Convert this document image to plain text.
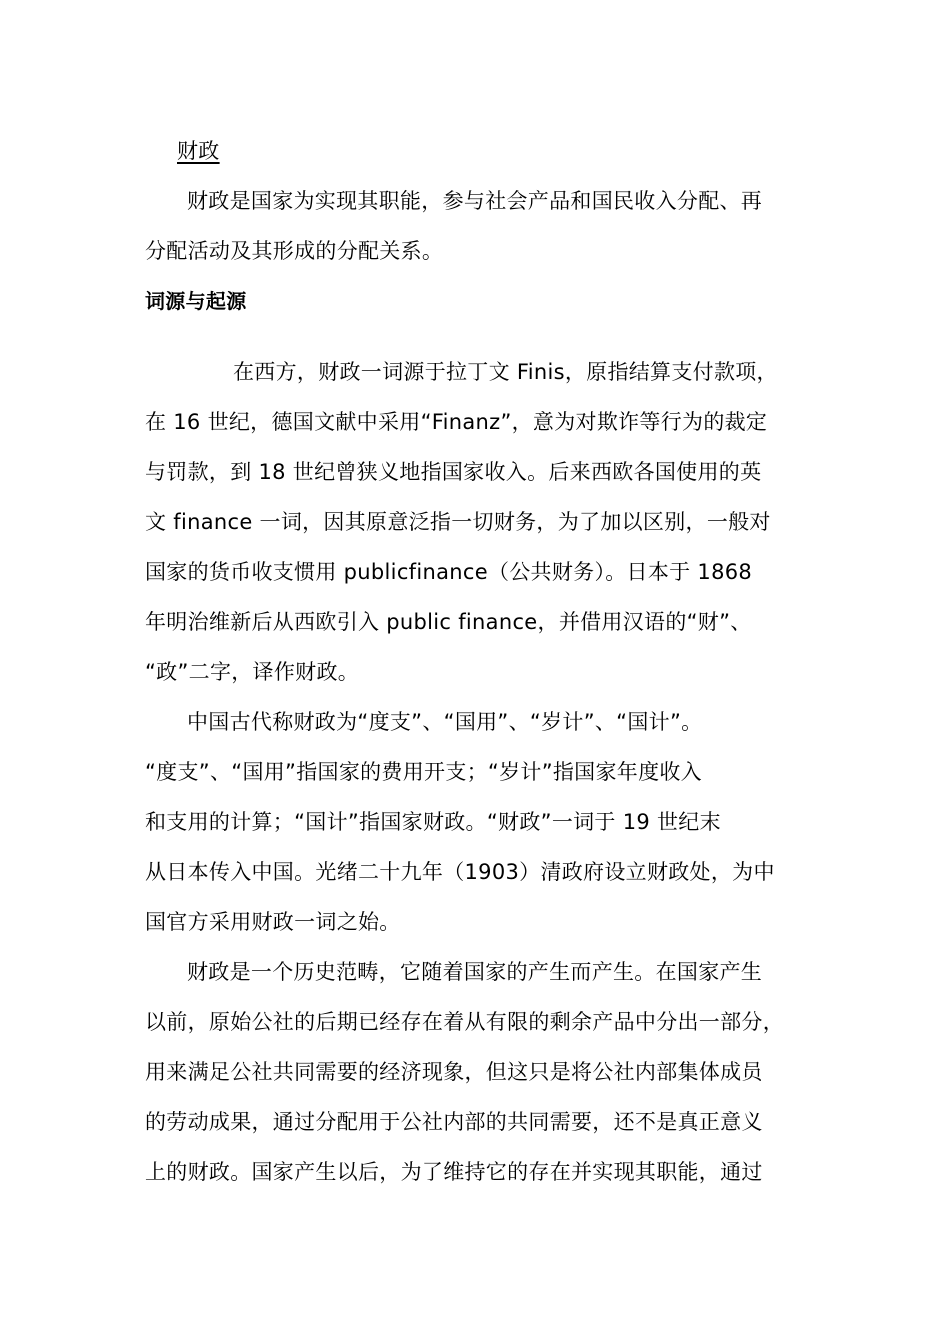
财政
财政是国家为实现其职能，参与社会产品和国民收入分配、再
分配活动及其形成的分配关系。
词源与起源
在西方，财政一词源于拉丁文 Finis，原指结算支付款项，
在 16 世纪，德国文献中采用“Finanz”，意为对欺诈等行为的裁定
与罚款，到 18 世纪曾狭义地指国家收入。后来西欧各国使用的英
文 finance 一词，因其原意泛指一切财务，为了加以区别，一般对
国家的货币收支惯用 publicfinance（公共财务）。日本于 1868
年明治维新后从西欧引入 public finance，并借用汉语的“财”、
“政”二字，译作财政。
中国古代称财政为“度支”、“国用”、“岁计”、“国计”。
“度支”、“国用”指国家的费用开支；“岁计”指国家年度收入
和支用的计算；“国计”指国家财政。“财政”一词于 19 世纪末
从日本传入中国。光绪二十九年（1903）清政府设立财政处，为中
国官方采用财政一词之始。
财政是一个历史范畴，它随着国家的产生而产生。在国家产生
以前，原始公社的后期已经存在着从有限的剩余产品中分出一部分，
用来满足公社共同需要的经济现象，但这只是将公社内部集体成员
的劳动成果，通过分配用于公社内部的共同需要，还不是真正意义
上的财政。国家产生以后，为了维持它的存在并实现其职能，通过
